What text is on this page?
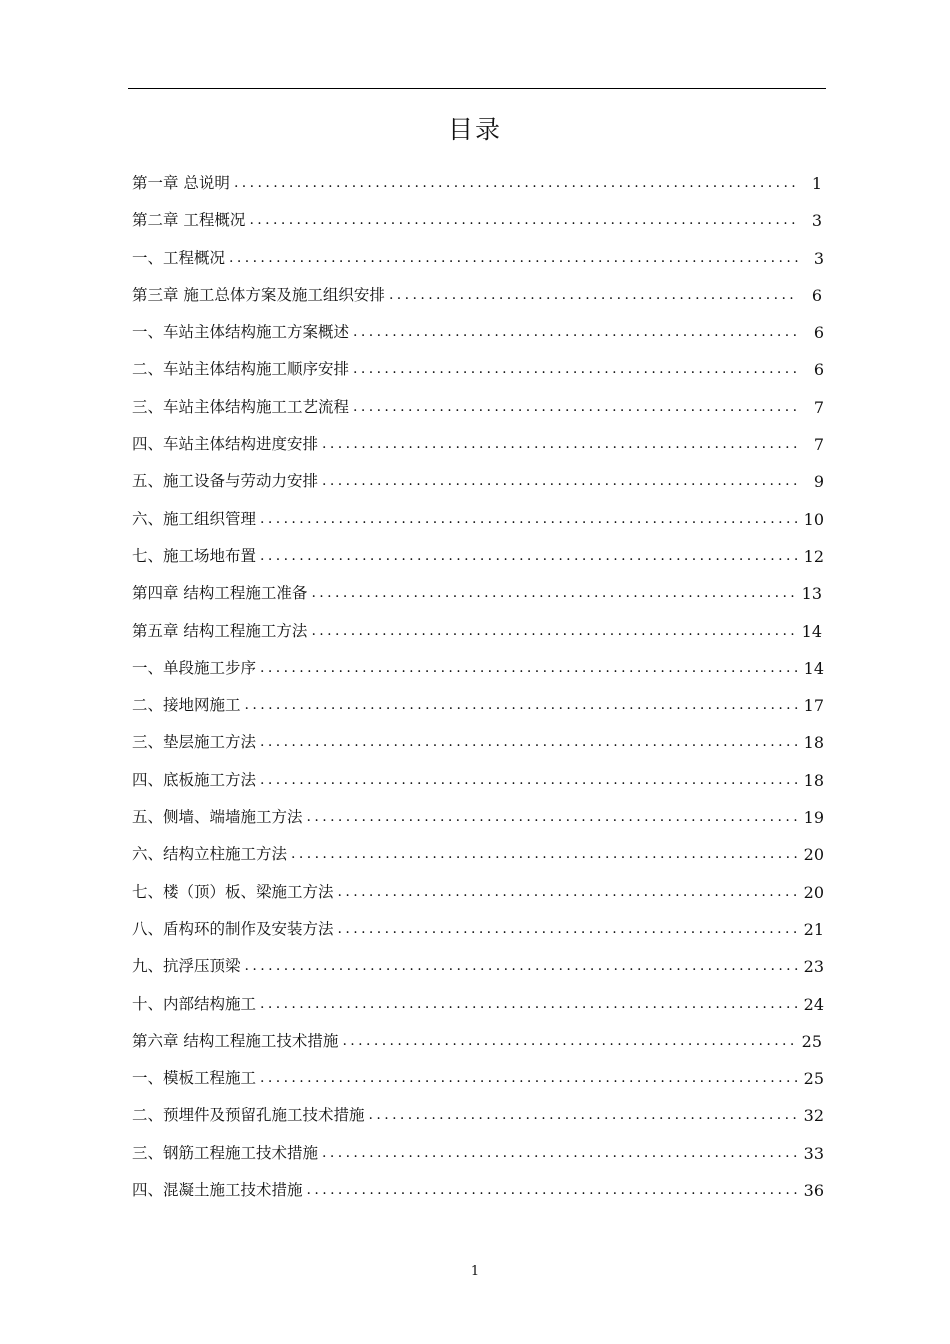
目录
第一章 总说明 .....	1
第二章 工程概况 .....	3
一、工程概况 .....	3
第三章 施工总体方案及施工组织安排 .....	6
一、车站主体结构施工方案概述 .....	6
二、车站主体结构施工顺序安排 .....	6
三、车站主体结构施工工艺流程 .....	7
四、车站主体结构进度安排 .....	7
五、施工设备与劳动力安排 .....	9
六、施工组织管理 .....	10
七、施工场地布置 .....	12
第四章 结构工程施工准备 .....	13
第五章 结构工程施工方法 .....	14
一、单段施工步序 .....	14
二、接地网施工 .....	17
三、垫层施工方法 .....	18
四、底板施工方法 .....	18
五、侧墙、端墙施工方法 .....	19
六、结构立柱施工方法 .....	20
七、楼（顶）板、梁施工方法 .....	20
八、盾构环的制作及安装方法 .....	21
九、抗浮压顶梁 .....	23
十、内部结构施工 .....	24
第六章 结构工程施工技术措施 .....	25
一、模板工程施工 .....	25
二、预埋件及预留孔施工技术措施 .....	32
三、钢筋工程施工技术措施 .....	33
四、混凝土施工技术措施 .....	36
1
